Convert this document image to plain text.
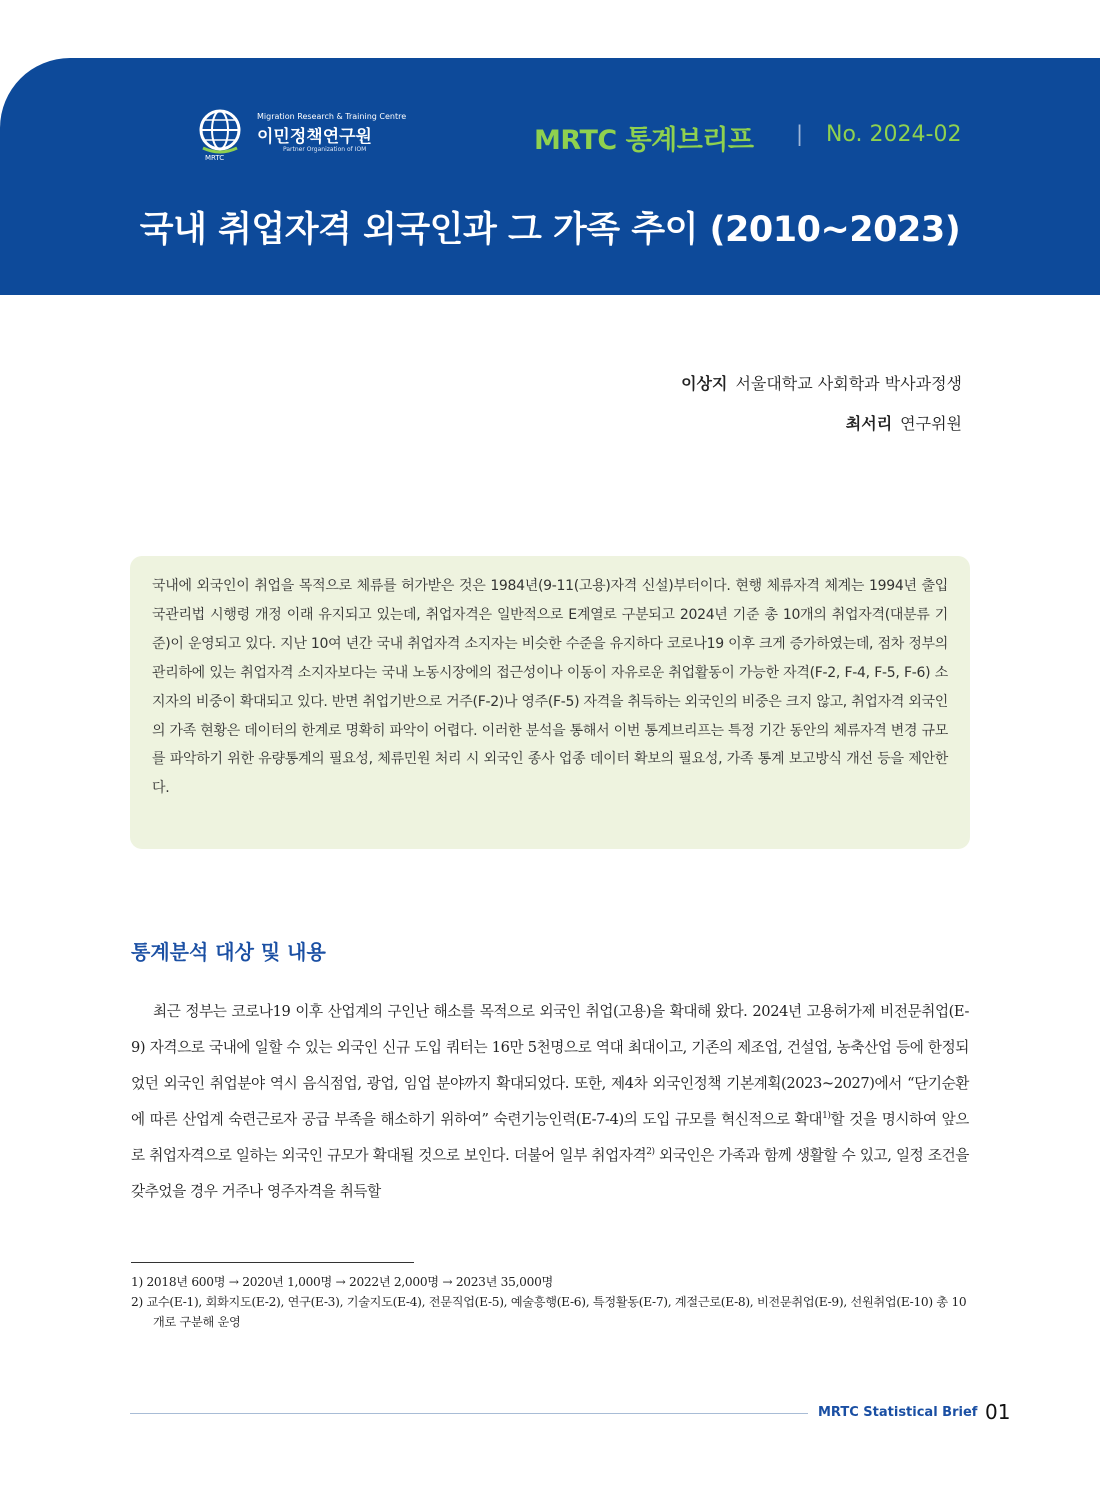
Migration Research & Training Centre
이민정책연구원
Partner Organization of IOM
MRTC
MRTC 통계브리프 | No. 2024-02
국내 취업자격 외국인과 그 가족 추이 (2010~2023)
이상지 서울대학교 사회학과 박사과정생
최서리 연구위원
국내에 외국인이 취업을 목적으로 체류를 허가받은 것은 1984년(9-11(고용)자격 신설)부터이다. 현행 체류자격 체계는 1994년 출입국관리법 시행령 개정 이래 유지되고 있는데, 취업자격은 일반적으로 E계열로 구분되고 2024년 기준 총 10개의 취업자격(대분류 기준)이 운영되고 있다. 지난 10여 년간 국내 취업자격 소지자는 비슷한 수준을 유지하다 코로나19 이후 크게 증가하였는데, 점차 정부의 관리하에 있는 취업자격 소지자보다는 국내 노동시장에의 접근성이나 이동이 자유로운 취업활동이 가능한 자격(F-2, F-4, F-5, F-6) 소지자의 비중이 확대되고 있다. 반면 취업기반으로 거주(F-2)나 영주(F-5) 자격을 취득하는 외국인의 비중은 크지 않고, 취업자격 외국인의 가족 현황은 데이터의 한계로 명확히 파악이 어렵다. 이러한 분석을 통해서 이번 통계브리프는 특정 기간 동안의 체류자격 변경 규모를 파악하기 위한 유량통계의 필요성, 체류민원 처리 시 외국인 종사 업종 데이터 확보의 필요성, 가족 통계 보고방식 개선 등을 제안한다.
통계분석 대상 및 내용
최근 정부는 코로나19 이후 산업계의 구인난 해소를 목적으로 외국인 취업(고용)을 확대해 왔다. 2024년 고용허가제 비전문취업(E-9) 자격으로 국내에 일할 수 있는 외국인 신규 도입 쿼터는 16만 5천명으로 역대 최대이고, 기존의 제조업, 건설업, 농축산업 등에 한정되었던 외국인 취업분야 역시 음식점업, 광업, 임업 분야까지 확대되었다. 또한, 제4차 외국인정책 기본계획(2023~2027)에서 “단기순환에 따른 산업계 숙련근로자 공급 부족을 해소하기 위하여” 숙련기능인력(E-7-4)의 도입 규모를 혁신적으로 확대$^{1)}$할 것을 명시하여 앞으로 취업자격으로 일하는 외국인 규모가 확대될 것으로 보인다. 더불어 일부 취업자격$^{2)}$ 외국인은 가족과 함께 생활할 수 있고, 일정 조건을 갖추었을 경우 거주나 영주자격을 취득할
1) 2018년 600명 → 2020년 1,000명 → 2022년 2,000명 → 2023년 35,000명
2) 교수(E-1), 회화지도(E-2), 연구(E-3), 기술지도(E-4), 전문직업(E-5), 예술흥행(E-6), 특정활동(E-7), 계절근로(E-8), 비전문취업(E-9), 선원취업(E-10) 총 10개로 구분해 운영
MRTC Statistical Brief 01
